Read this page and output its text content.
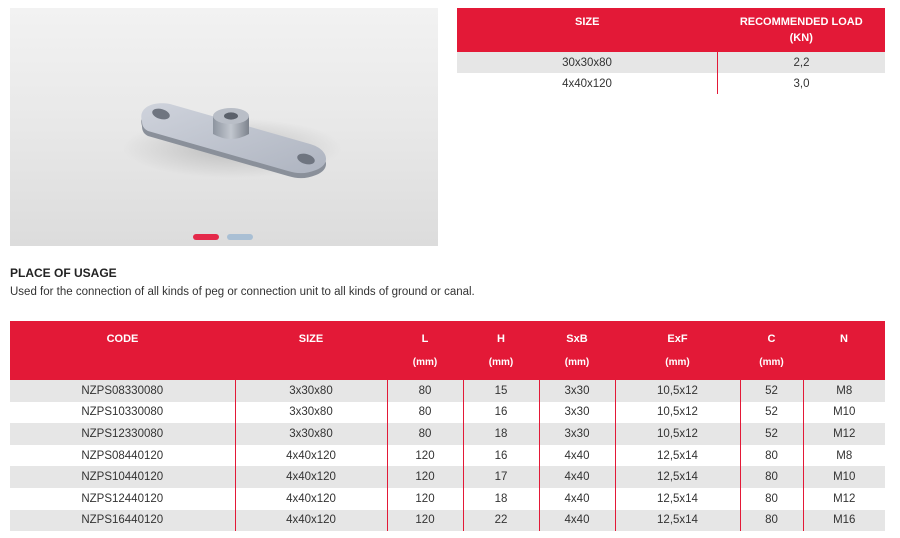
SIZE	RECOMMENDED LOAD
(KN)
30x30x80	2,2
4x40x120	3,0
PLACE OF USAGE

Used for the connection of all kinds of peg or connection unit to all kinds of ground or canal.

CODE	SIZE	L	H	SxB	ExF	C	N
		(mm)	(mm)	(mm)	(mm)	(mm)	
NZPS08330080	3x30x80	80	15	3x30	10,5x12	52	M8
NZPS10330080	3x30x80	80	16	3x30	10,5x12	52	M10
NZPS12330080	3x30x80	80	18	3x30	10,5x12	52	M12
NZPS08440120	4x40x120	120	16	4x40	12,5x14	80	M8
NZPS10440120	4x40x120	120	17	4x40	12,5x14	80	M10
NZPS12440120	4x40x120	120	18	4x40	12,5x14	80	M12
NZPS16440120	4x40x120	120	22	4x40	12,5x14	80	M16
